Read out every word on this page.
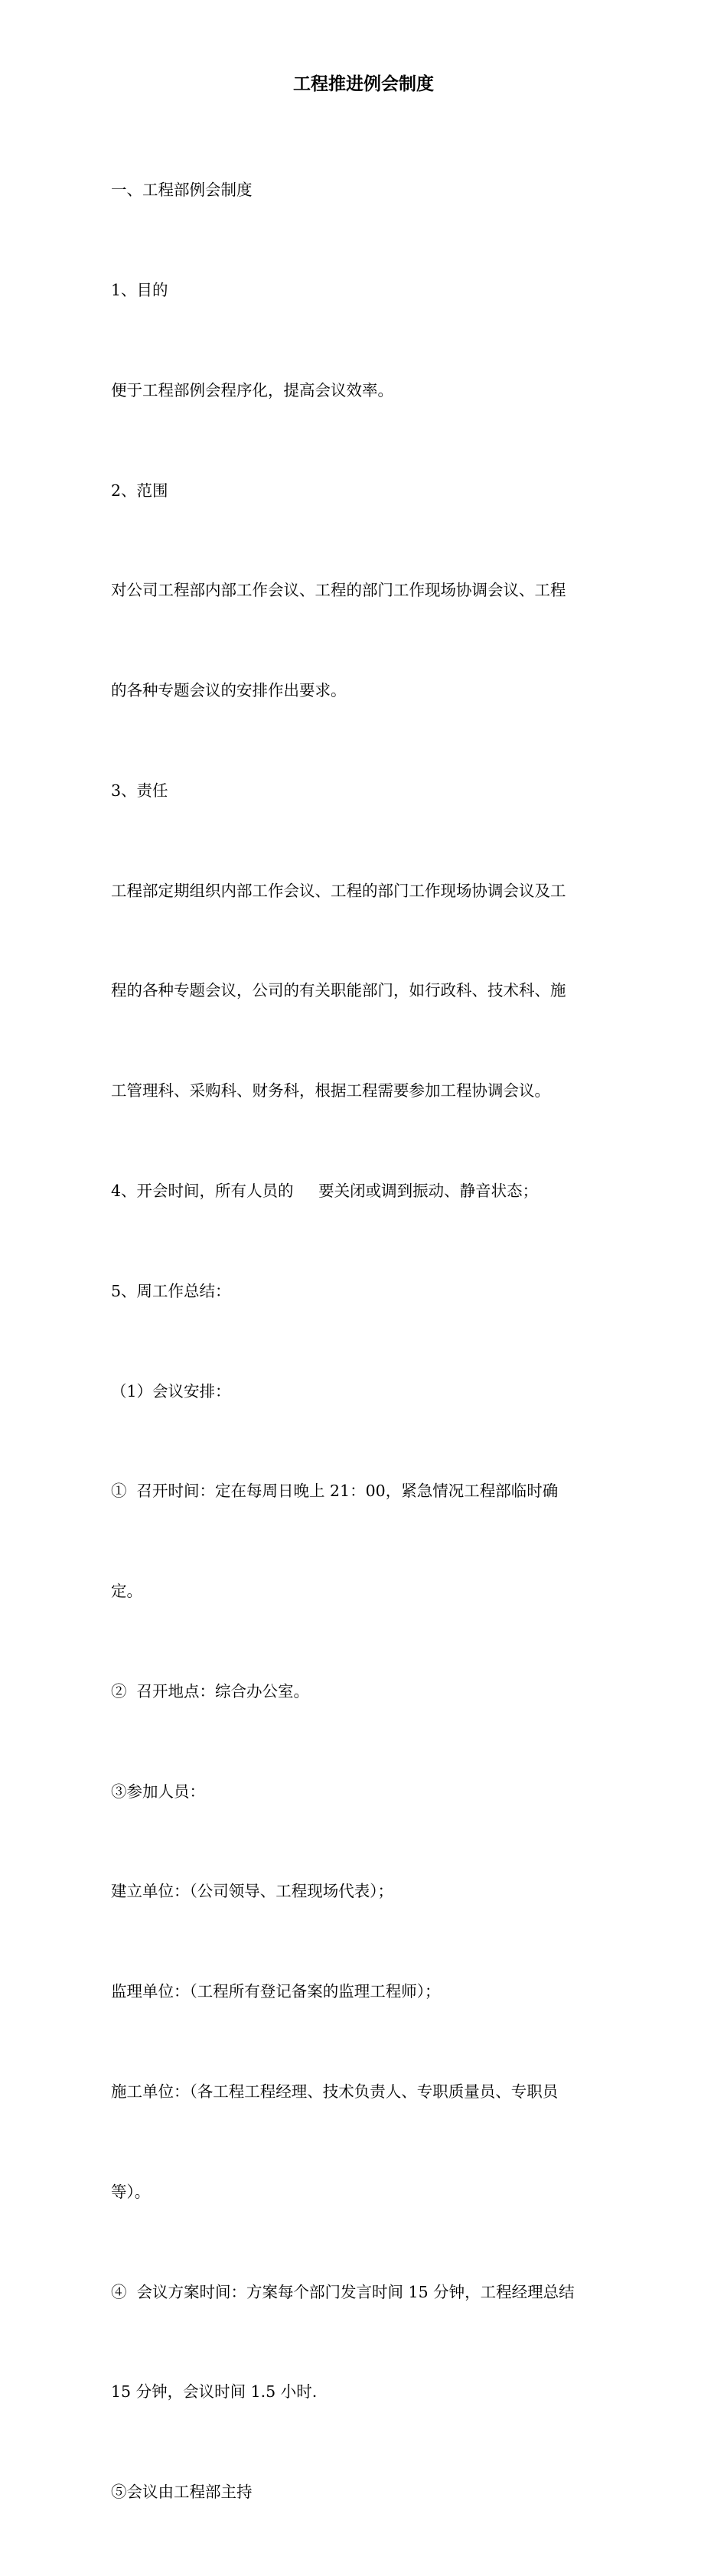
工程推进例会制度

一、工程部例会制度

1、目的

便于工程部例会程序化，提高会议效率。

2、范围

对公司工程部内部工作会议、工程的部门工作现场协调会议、工程

的各种专题会议的安排作出要求。

3、责任

工程部定期组织内部工作会议、工程的部门工作现场协调会议及工

程的各种专题会议，公司的有关职能部门，如行政科、技术科、施

工管理科、采购科、财务科，根据工程需要参加工程协调会议。

4、开会时间，所有人员的     要关闭或调到振动、静音状态；

5、周工作总结：

（1）会议安排：

①  召开时间：定在每周日晚上 21：00，紧急情况工程部临时确

定。

②  召开地点：综合办公室。

③参加人员：

建立单位：（公司领导、工程现场代表）；

监理单位：（工程所有登记备案的监理工程师）；

施工单位：（各工程工程经理、技术负责人、专职质量员、专职员

等）。

④  会议方案时间：方案每个部门发言时间 15 分钟，工程经理总结

15 分钟，会议时间 1.5 小时.

⑤会议由工程部主持
